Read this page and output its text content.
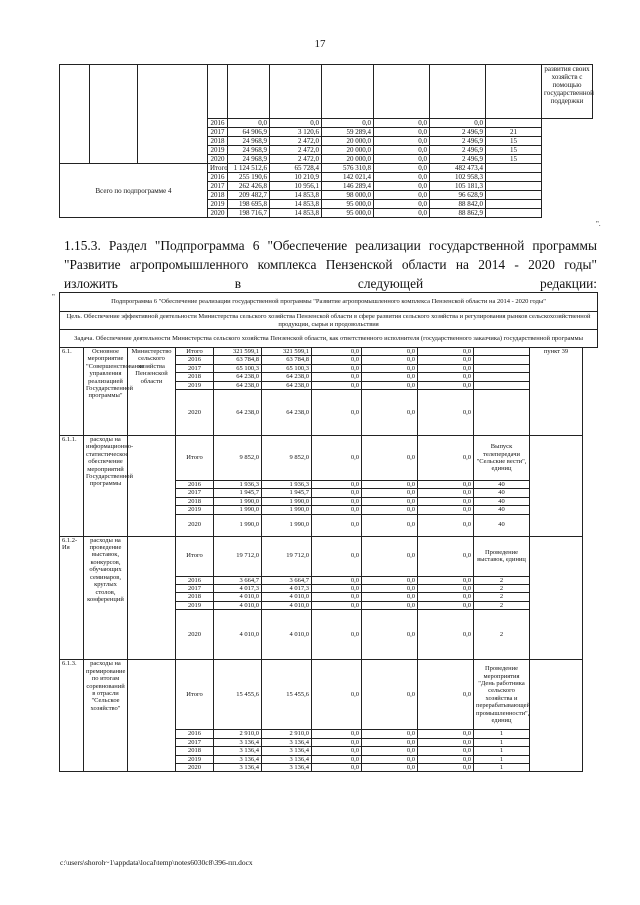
17
										развития своих хозяйств с помощью государственной поддержки
			2016	0,0	0,0	0,0	0,0	0,0		
			2017	64 906,9	3 120,6	59 289,4	0,0	2 496,9	21	
			2018	24 968,9	2 472,0	20 000,0	0,0	2 496,9	15	
			2019	24 968,9	2 472,0	20 000,0	0,0	2 496,9	15	
			2020	24 968,9	2 472,0	20 000,0	0,0	2 496,9	15	
Всего по подпрограмме 4			Итого	1 124 512,6	65 728,4	576 310,8	0,0	482 473,4		
			2016	255 190,6	10 210,9	142 021,4	0,0	102 958,3		
			2017	262 426,8	10 956,1	146 289,4	0,0	105 181,3		
			2018	209 482,7	14 853,8	98 000,0	0,0	96 628,9		
			2019	198 695,8	14 853,8	95 000,0	0,0	88 842,0		
			2020	198 716,7	14 853,8	95 000,0	0,0	88 862,9		
".
1.15.3. Раздел "Подпрограмма 6 "Обеспечение реализации государственной программы "Развитие агропромышленного комплекса Пензенской области на 2014 - 2020 годы" изложить в следующей редакции:
"
Подпрограмма 6 "Обеспечение реализации государственной программы "Развитие агропромышленного комплекса Пензенской области на 2014 - 2020 годы"										
Цель. Обеспечение эффективной деятельности Министерства сельского хозяйства Пензенской области в сфере развития сельского хозяйства и регулирования рынков сельскохозяйственной продукции, сырья и продовольствия										
Задача. Обеспечение деятельности Министерства сельского хозяйства Пензенской области, как ответственного исполнителя (государственного заказчика) государственной программы										
6.1.	Основное мероприятие "Совершенствование управления реализацией Государственной программы"	Министерство сельского хозяйства Пензенской области	Итого	321 599,1	321 599,1	0,0	0,0	0,0		пункт 39
			2016	63 784,8	63 784,8	0,0	0,0	0,0		
			2017	65 100,3	65 100,3	0,0	0,0	0,0		
			2018	64 238,0	64 238,0	0,0	0,0	0,0		
			2019	64 238,0	64 238,0	0,0	0,0	0,0		
			2020	64 238,0	64 238,0	0,0	0,0	0,0		
6.1.1.	расходы на информационно-статистическое обеспечение мероприятий Государственной программы		Итого	9 852,0	9 852,0	0,0	0,0	0,0	Выпуск телепередачи "Сельские вести", единиц	
			2016	1 936,3	1 936,3	0,0	0,0	0,0	40	
			2017	1 945,7	1 945,7	0,0	0,0	0,0	40	
			2018	1 990,0	1 990,0	0,0	0,0	0,0	40	
			2019	1 990,0	1 990,0	0,0	0,0	0,0	40	
			2020	1 990,0	1 990,0	0,0	0,0	0,0	40	
6.1.2-Ия	расходы на проведение выставок, конкурсов, обучающих семинаров, круглых столов, конференций		Итого	19 712,0	19 712,0	0,0	0,0	0,0	Проведение выставок, единиц	
			2016	3 664,7	3 664,7	0,0	0,0	0,0	2	
			2017	4 017,3	4 017,3	0,0	0,0	0,0	2	
			2018	4 010,0	4 010,0	0,0	0,0	0,0	2	
			2019	4 010,0	4 010,0	0,0	0,0	0,0	2	
			2020	4 010,0	4 010,0	0,0	0,0	0,0	2	
6.1.3.	расходы на премирование по итогам соревнований в отрасли "Сельское хозяйство"		Итого	15 455,6	15 455,6	0,0	0,0	0,0	Проведение мероприятия "День работника сельского хозяйства и перерабатывающей промышленности", единиц	
			2016	2 910,0	2 910,0	0,0	0,0	0,0	1	
			2017	3 136,4	3 136,4	0,0	0,0	0,0	1	
			2018	3 136,4	3 136,4	0,0	0,0	0,0	1	
			2019	3 136,4	3 136,4	0,0	0,0	0,0	1	
			2020	3 136,4	3 136,4	0,0	0,0	0,0	1	
c:\users\shoroh~1\appdata\local\temp\notes6030c8\396-пп.docx
